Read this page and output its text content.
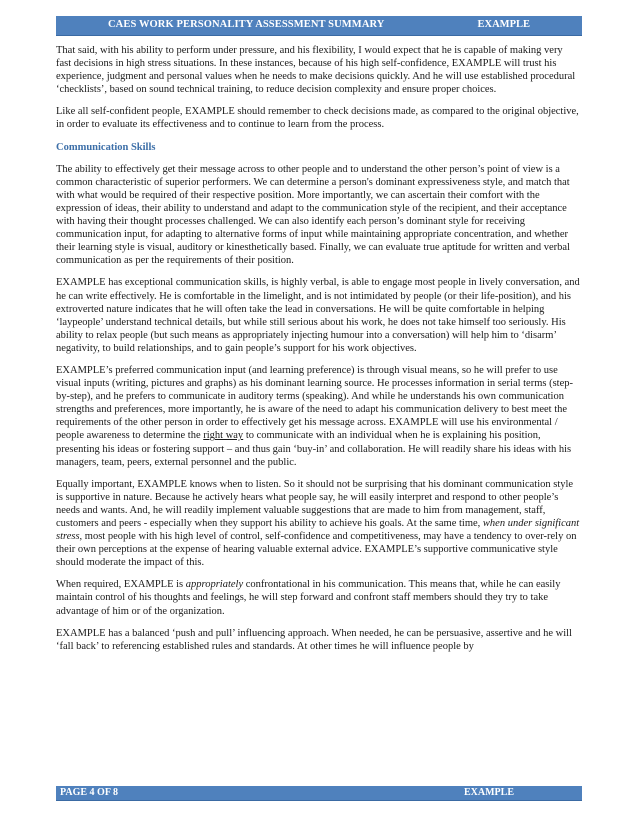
CAES WORK PERSONALITY ASSESSMENT SUMMARY	EXAMPLE

That said, with his ability to perform under pressure, and his flexibility, I would expect that he is capable of making very fast decisions in high stress situations. In these instances, because of his high self-confidence, EXAMPLE will trust his experience, judgment and personal values when he needs to make decisions quickly. And he will use established procedural ‘checklists’, based on sound technical training, to reduce decision complexity and ensure proper choices.

Like all self-confident people, EXAMPLE should remember to check decisions made, as compared to the original objective, in order to evaluate its effectiveness and to continue to learn from the process.

Communication Skills

The ability to effectively get their message across to other people and to understand the other person’s point of view is a common characteristic of superior performers. We can determine a person's dominant expressiveness style, and match that with what would be required of their respective position. More importantly, we can ascertain their comfort with the expression of ideas, their ability to understand and adapt to the communication style of the recipient, and their acceptance with having their thought processes challenged. We can also identify each person’s dominant style for receiving communication input, for adapting to alternative forms of input while maintaining appropriate concentration, and whether their learning style is visual, auditory or kinesthetically based. Finally, we can evaluate true aptitude for written and verbal communication as per the requirements of their position.

EXAMPLE has exceptional communication skills, is highly verbal, is able to engage most people in lively conversation, and he can write effectively. He is comfortable in the limelight, and is not intimidated by people (or their life-position), and his extroverted nature indicates that he will often take the lead in conversations. He will be quite comfortable in helping ‘laypeople’ understand technical details, but while still serious about his work, he does not take himself too seriously. His ability to relax people (but such means as appropriately injecting humour into a conversation) will help him to ‘disarm’ negativity, to build relationships, and to gain people’s support for his work objectives.

EXAMPLE’s preferred communication input (and learning preference) is through visual means, so he will prefer to use visual inputs (writing, pictures and graphs) as his dominant learning source. He processes information in serial terms (step-by-step), and he prefers to communicate in auditory terms (speaking). And while he understands his own communication strengths and preferences, more importantly, he is aware of the need to adapt his communication delivery to best meet the requirements of the other person in order to effectively get his message across. EXAMPLE will use his environmental / people awareness to determine the right way to communicate with an individual when he is explaining his position, presenting his ideas or fostering support – and thus gain ‘buy-in’ and collaboration. He will readily share his ideas with his managers, team, peers, external personnel and the public.

Equally important, EXAMPLE knows when to listen. So it should not be surprising that his dominant communication style is supportive in nature. Because he actively hears what people say, he will easily interpret and respond to other people’s needs and wants. And, he will readily implement valuable suggestions that are made to him from management, staff, customers and peers - especially when they support his ability to achieve his goals. At the same time, when under significant stress, most people with his high level of control, self-confidence and competitiveness, may have a tendency to over-rely on their own perceptions at the expense of hearing valuable external advice. EXAMPLE’s supportive communicative style should moderate the impact of this.

When required, EXAMPLE is appropriately confrontational in his communication. This means that, while he can easily maintain control of his thoughts and feelings, he will step forward and confront staff members should they try to take advantage of him or of the organization.

EXAMPLE has a balanced ‘push and pull’ influencing approach. When needed, he can be persuasive, assertive and he will ‘fall back’ to referencing established rules and standards. At other times he will influence people by

PAGE 4 OF 8	EXAMPLE
